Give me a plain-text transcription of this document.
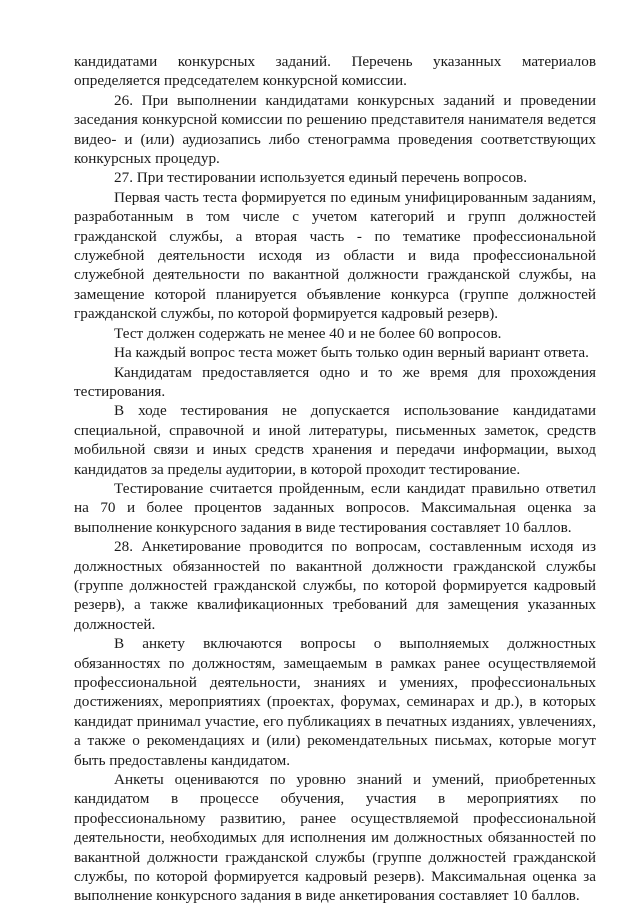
кандидатами конкурсных заданий. Перечень указанных материалов определяется председателем конкурсной комиссии.

26. При выполнении кандидатами конкурсных заданий и проведении заседания конкурсной комиссии по решению представителя нанимателя ведется видео- и (или) аудиозапись либо стенограмма проведения соответствующих конкурсных процедур.

27. При тестировании используется единый перечень вопросов.

Первая часть теста формируется по единым унифицированным заданиям, разработанным в том числе с учетом категорий и групп должностей гражданской службы, а вторая часть - по тематике профессиональной служебной деятельности исходя из области и вида профессиональной служебной деятельности по вакантной должности гражданской службы, на замещение которой планируется объявление конкурса (группе должностей гражданской службы, по которой формируется кадровый резерв).

Тест должен содержать не менее 40 и не более 60 вопросов.

На каждый вопрос теста может быть только один верный вариант ответа.

Кандидатам предоставляется одно и то же время для прохождения тестирования.

В ходе тестирования не допускается использование кандидатами специальной, справочной и иной литературы, письменных заметок, средств мобильной связи и иных средств хранения и передачи информации, выход кандидатов за пределы аудитории, в которой проходит тестирование.

Тестирование считается пройденным, если кандидат правильно ответил на 70 и более процентов заданных вопросов. Максимальная оценка за выполнение конкурсного задания в виде тестирования составляет 10 баллов.

28. Анкетирование проводится по вопросам, составленным исходя из должностных обязанностей по вакантной должности гражданской службы (группе должностей гражданской службы, по которой формируется кадровый резерв), а также квалификационных требований для замещения указанных должностей.

В анкету включаются вопросы о выполняемых должностных обязанностях по должностям, замещаемым в рамках ранее осуществляемой профессиональной деятельности, знаниях и умениях, профессиональных достижениях, мероприятиях (проектах, форумах, семинарах и др.), в которых кандидат принимал участие, его публикациях в печатных изданиях, увлечениях, а также о рекомендациях и (или) рекомендательных письмах, которые могут быть предоставлены кандидатом.

Анкеты оцениваются по уровню знаний и умений, приобретенных кандидатом в процессе обучения, участия в мероприятиях по профессиональному развитию, ранее осуществляемой профессиональной деятельности, необходимых для исполнения им должностных обязанностей по вакантной должности гражданской службы (группе должностей гражданской службы, по которой формируется кадровый резерв). Максимальная оценка за выполнение конкурсного задания в виде анкетирования составляет 10 баллов.
